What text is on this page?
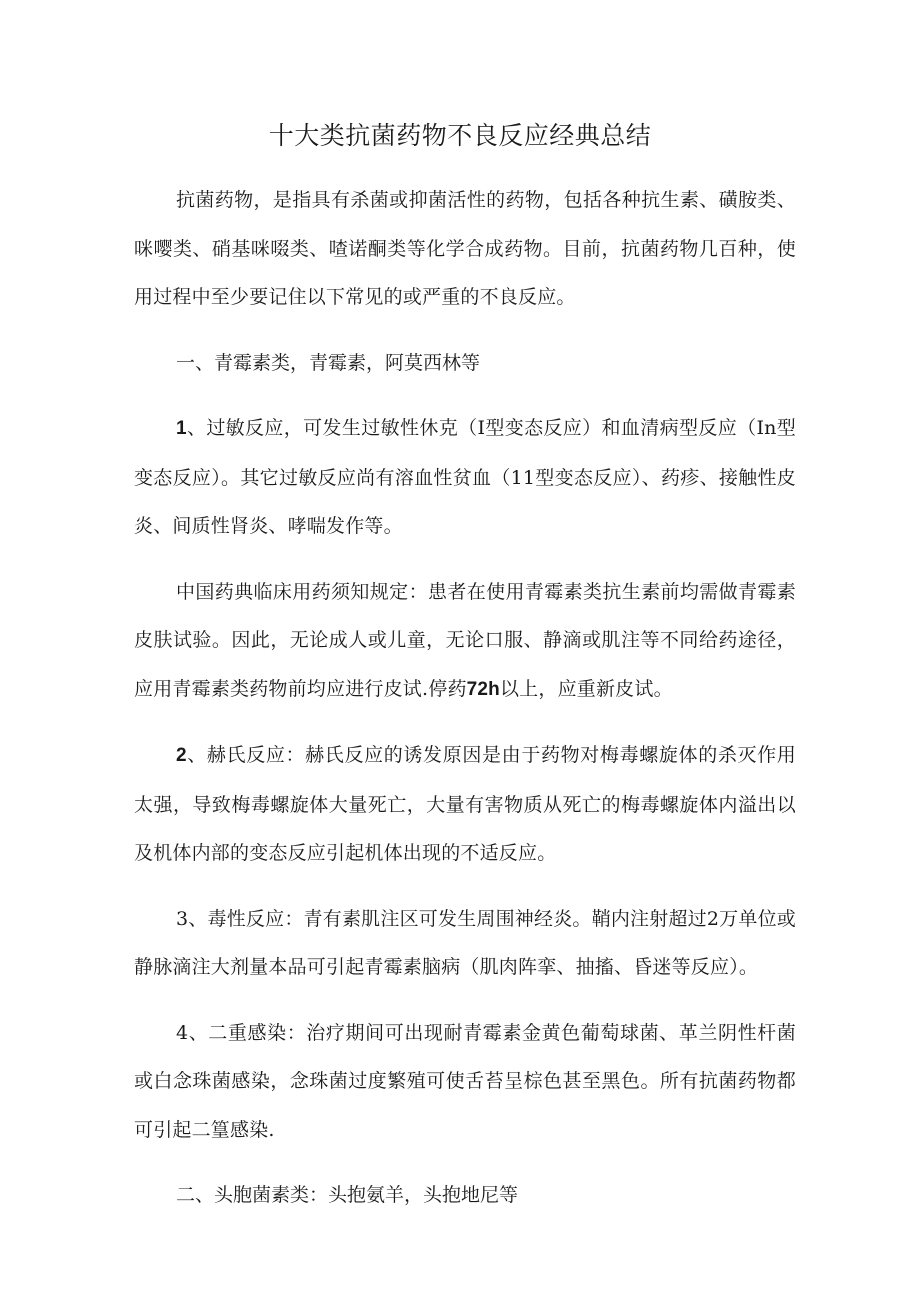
十大类抗菌药物不良反应经典总结

抗菌药物，是指具有杀菌或抑菌活性的药物，包括各种抗生素、磺胺类、咪嘤类、硝基咪啜类、喳诺酮类等化学合成药物。目前，抗菌药物几百种，使用过程中至少要记住以下常见的或严重的不良反应。

一、青霉素类，青霉素，阿莫西林等

1、过敏反应，可发生过敏性休克（I型变态反应）和血清病型反应（In型变态反应）。其它过敏反应尚有溶血性贫血（11型变态反应）、药疹、接触性皮炎、间质性肾炎、哮喘发作等。

中国药典临床用药须知规定：患者在使用青霉素类抗生素前均需做青霉素皮肤试验。因此，无论成人或儿童，无论口服、静滴或肌注等不同给药途径，应用青霉素类药物前均应进行皮试.停药72h以上，应重新皮试。

2、赫氏反应：赫氏反应的诱发原因是由于药物对梅毒螺旋体的杀灭作用太强，导致梅毒螺旋体大量死亡，大量有害物质从死亡的梅毒螺旋体内溢出以及机体内部的变态反应引起机体出现的不适反应。

3、毒性反应：青有素肌注区可发生周围神经炎。鞘内注射超过2万单位或静脉滴注大剂量本品可引起青霉素脑病（肌肉阵挛、抽搐、昏迷等反应）。

4、二重感染：治疗期间可出现耐青霉素金黄色葡萄球菌、革兰阴性杆菌或白念珠菌感染，念珠菌过度繁殖可使舌苔呈棕色甚至黑色。所有抗菌药物都可引起二篁感染.

二、头胞菌素类：头抱氨羊，头抱地尼等
